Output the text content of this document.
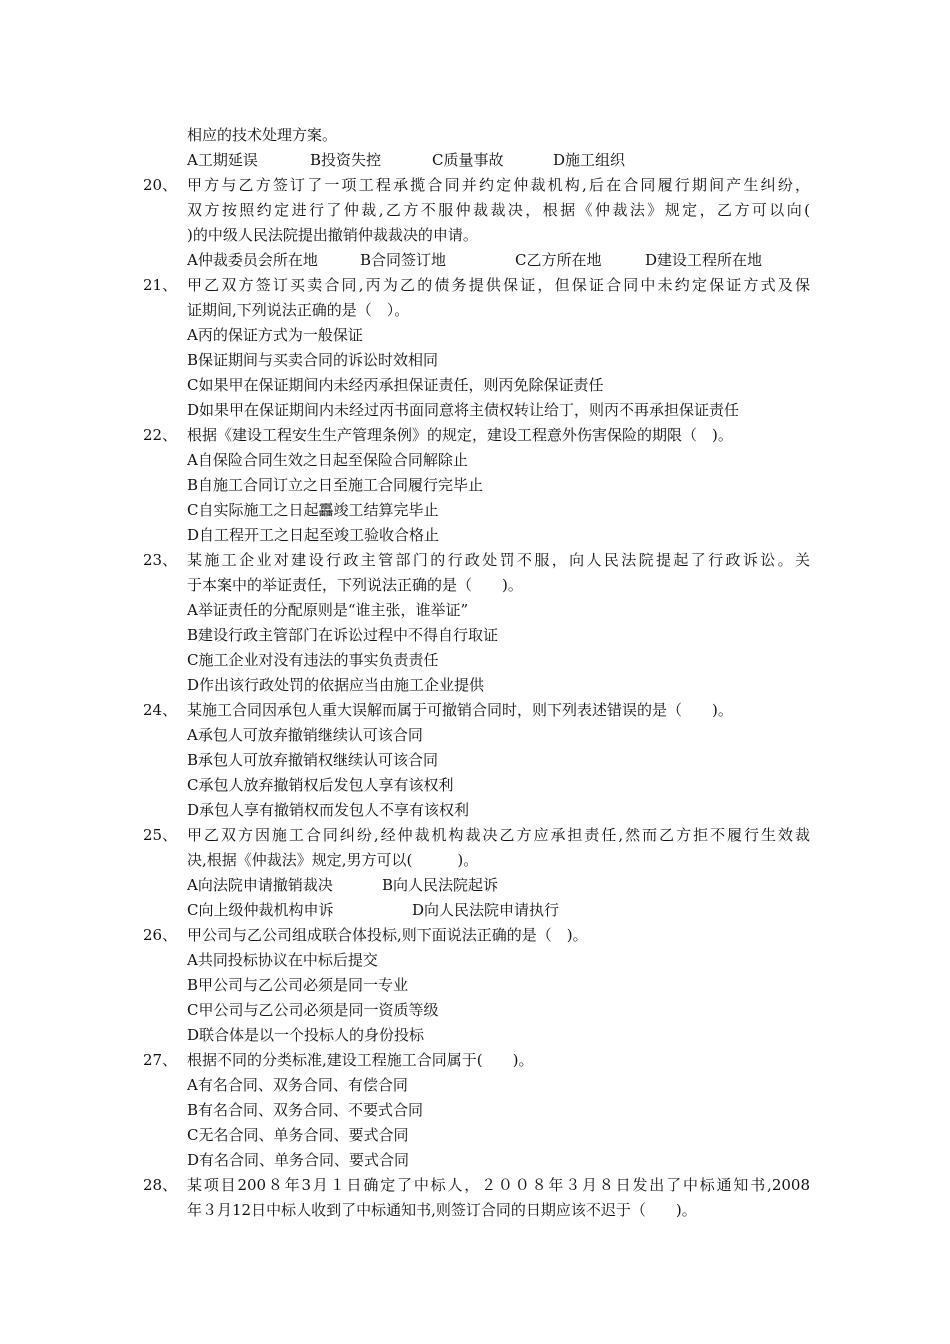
相应的技术处理方案。
A工期延误	B投资失控	C质量事故	D施工组织
20、 甲方与乙方签订了一项工程承揽合同并约定仲裁机构,后在合同履行期间产生纠纷，
双方按照约定进行了仲裁,乙方不服仲裁裁决，根据《仲裁法》规定，乙方可以向(
)的中级人民法院提出撤销仲裁裁决的申请。
A仲裁委员会所在地	B合同签订地	C乙方所在地	D建设工程所在地
21、 甲乙双方签订买卖合同,丙为乙的债务提供保证，但保证合同中未约定保证方式及保
证期间,下列说法正确的是（　）。
A丙的保证方式为一般保证
B保证期间与买卖合同的诉讼时效相同
C如果甲在保证期间内未经丙承担保证责任，则丙免除保证责任
D如果甲在保证期间内未经过丙书面同意将主债权转让给丁，则丙不再承担保证责任
22、 根据《建设工程安生生产管理条例》的规定，建设工程意外伤害保险的期限（　)。
A自保险合同生效之日起至保险合同解除止
B自施工合同订立之日至施工合同履行完毕止
C自实际施工之日起靐竣工结算完毕止
D自工程开工之日起至竣工验收合格止
23、 某施工企业对建设行政主管部门的行政处罚不服，向人民法院提起了行政诉讼。关
于本案中的举证责任，下列说法正确的是（　　)。
A举证责任的分配原则是“谁主张，谁举证”
B建设行政主管部门在诉讼过程中不得自行取证
C施工企业对没有违法的事实负责责任
D作出该行政处罚的依据应当由施工企业提供
24、 某施工合同因承包人重大误解而属于可撤销合同时，则下列表述错误的是（　　)。
A承包人可放弃撤销继续认可该合同
B承包人可放弃撤销权继续认可该合同
C承包人放弃撤销权后发包人享有该权利
D承包人享有撤销权而发包人不享有该权利
25、 甲乙双方因施工合同纠纷,经仲裁机构裁决乙方应承担责任,然而乙方拒不履行生效裁
决,根据《仲裁法》规定,男方可以(　　　)。
A向法院申请撤销裁决	B向人民法院起诉
C向上级仲裁机构申诉	D向人民法院申请执行
26、 甲公司与乙公司组成联合体投标,则下面说法正确的是（　)。
A共同投标协议在中标后提交
B甲公司与乙公司必须是同一专业
C甲公司与乙公司必须是同一资质等级
D联合体是以一个投标人的身份投标
27、 根据不同的分类标准,建设工程施工合同属于(　　)。
A有名合同、双务合同、有偿合同
B有名合同、双务合同、不要式合同
C无名合同、单务合同、要式合同
D有名合同、单务合同、要式合同
28、 某项目200８年3月１日确定了中标人，２００８年３月８日发出了中标通知书,2008
年３月12日中标人收到了中标通知书,则签订合同的日期应该不迟于（　　)。
